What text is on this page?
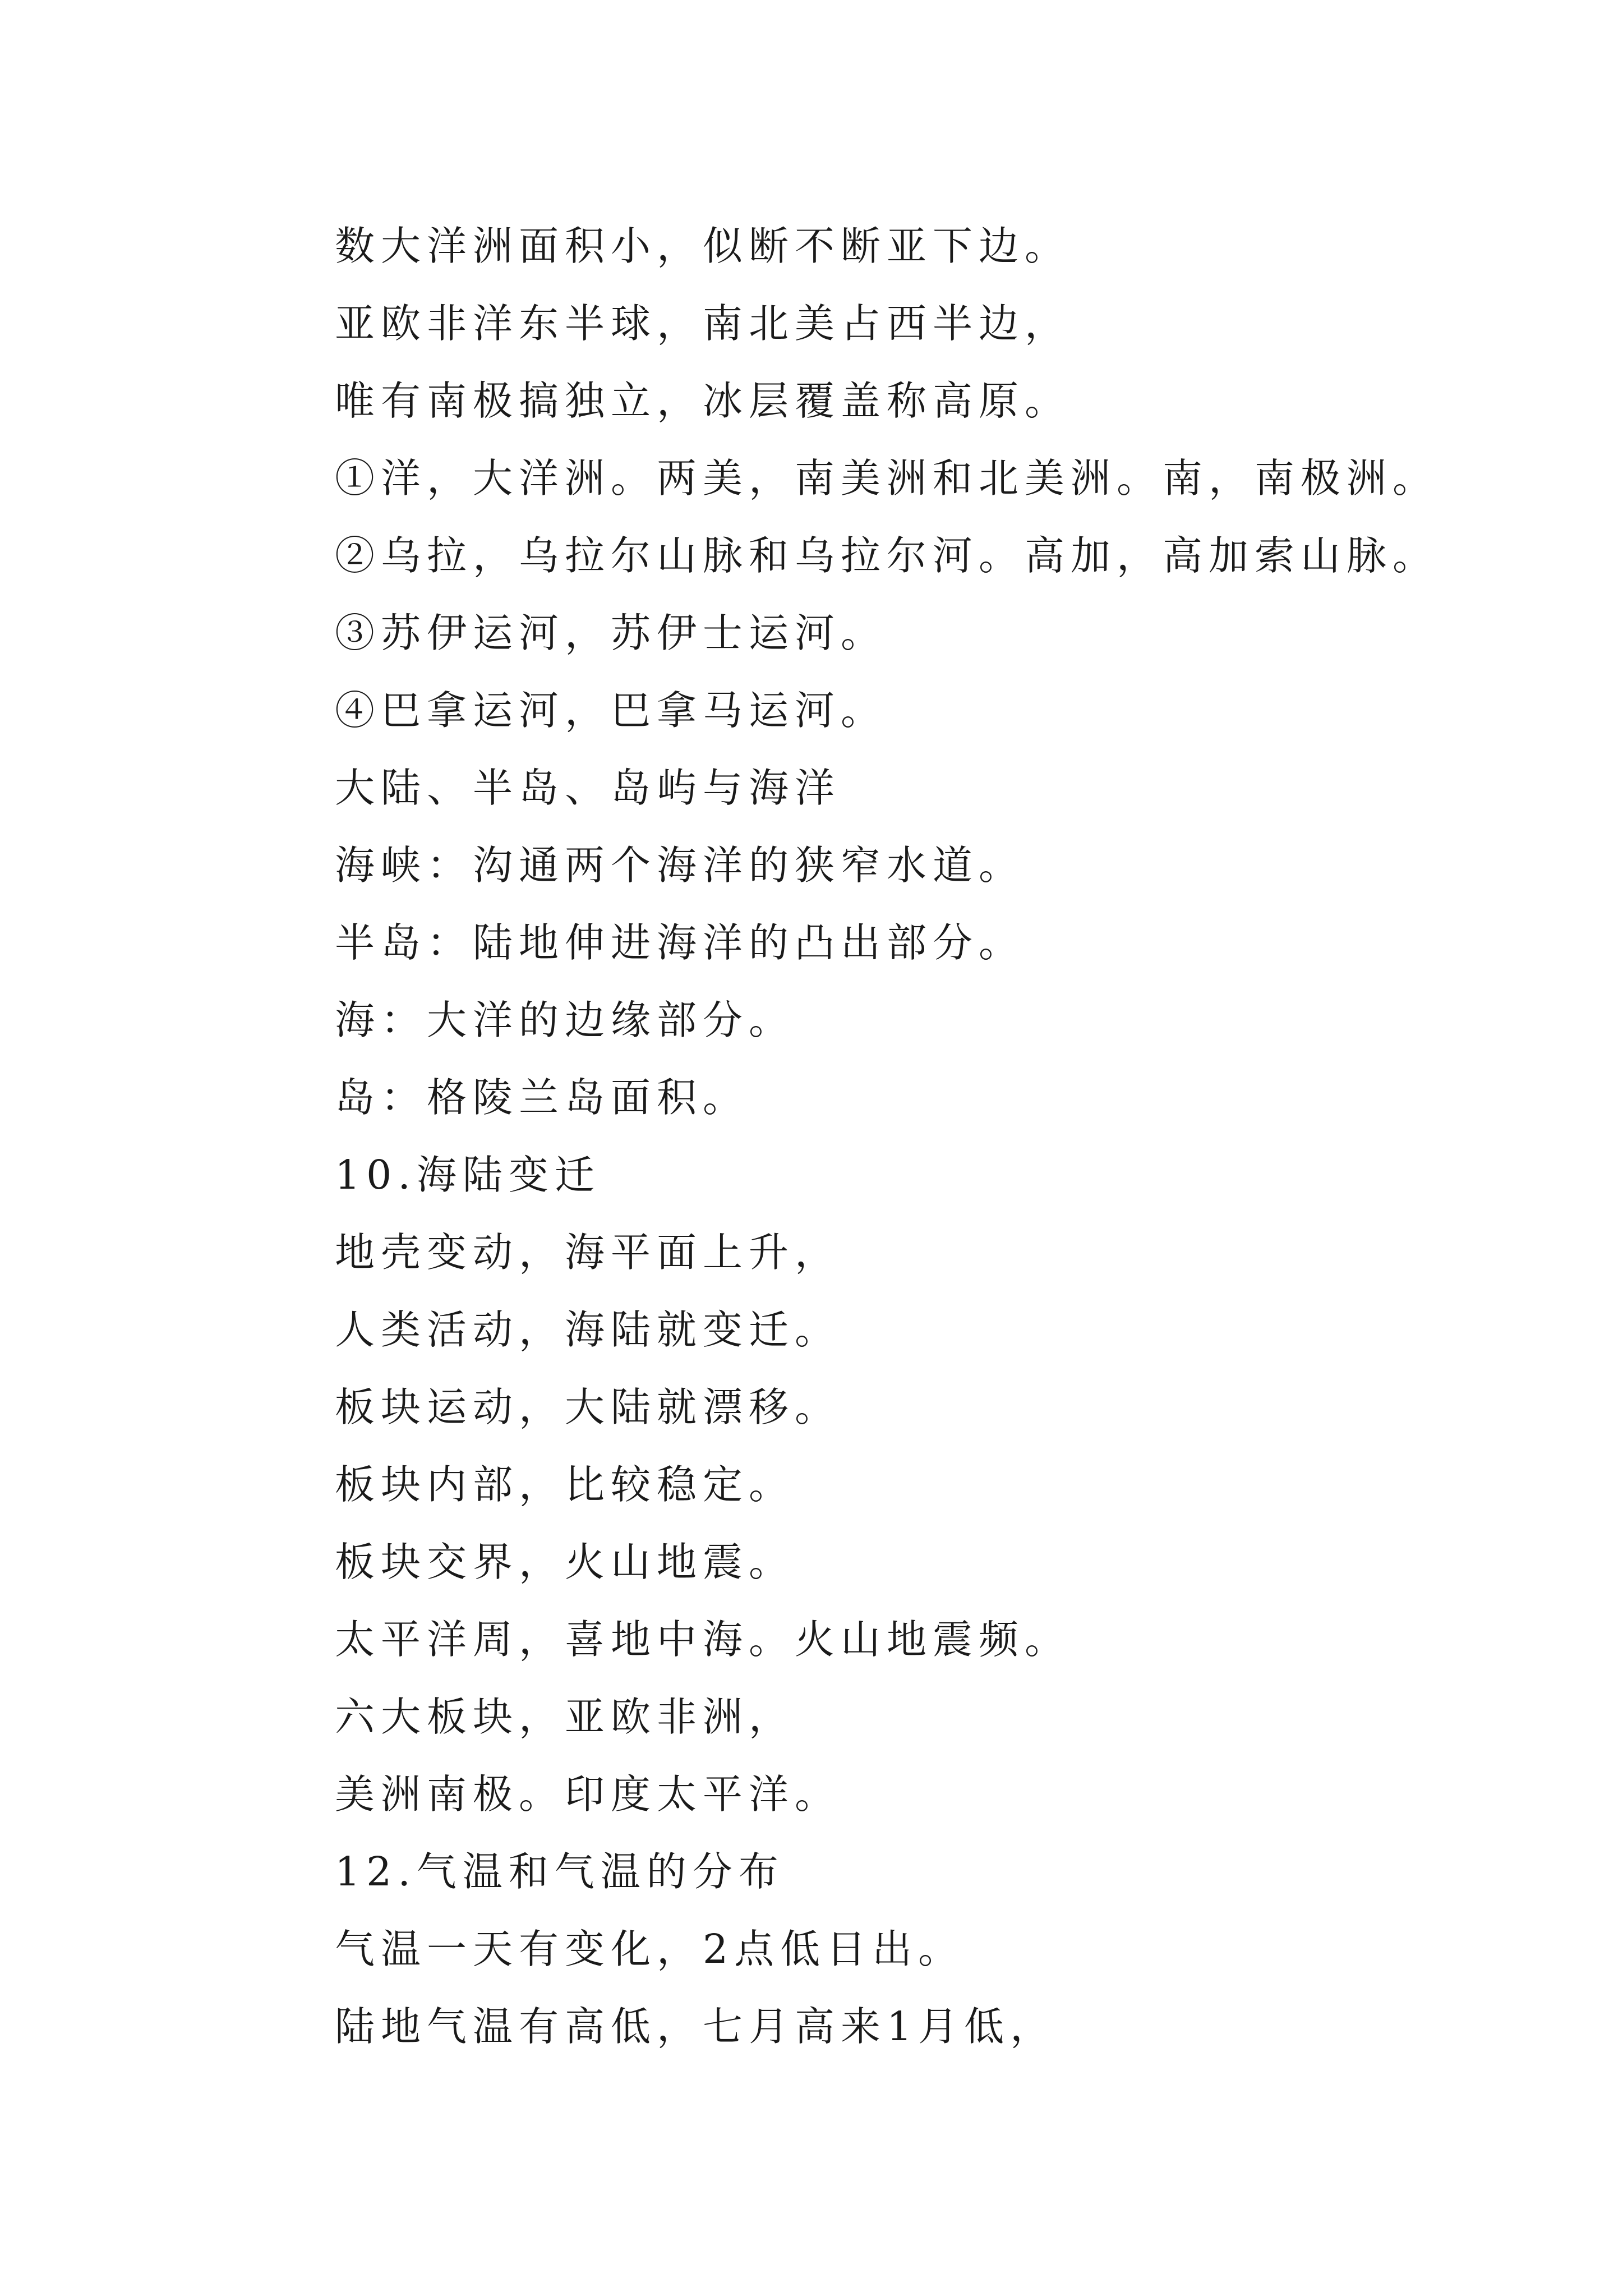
数大洋洲面积小，似断不断亚下边。
亚欧非洋东半球，南北美占西半边，
唯有南极搞独立，冰层覆盖称高原。
①洋，大洋洲。两美，南美洲和北美洲。南，南极洲。
②乌拉，乌拉尔山脉和乌拉尔河。高加，高加索山脉。
③苏伊运河，苏伊士运河。
④巴拿运河，巴拿马运河。
大陆、半岛、岛屿与海洋
海峡：沟通两个海洋的狭窄水道。
半岛：陆地伸进海洋的凸出部分。
海：大洋的边缘部分。
岛：格陵兰岛面积。
10.海陆变迁
地壳变动，海平面上升，
人类活动，海陆就变迁。
板块运动，大陆就漂移。
板块内部，比较稳定。
板块交界，火山地震。
太平洋周，喜地中海。火山地震频。
六大板块，亚欧非洲，
美洲南极。印度太平洋。
12.气温和气温的分布
气温一天有变化，2点低日出。
陆地气温有高低，七月高来1月低，
